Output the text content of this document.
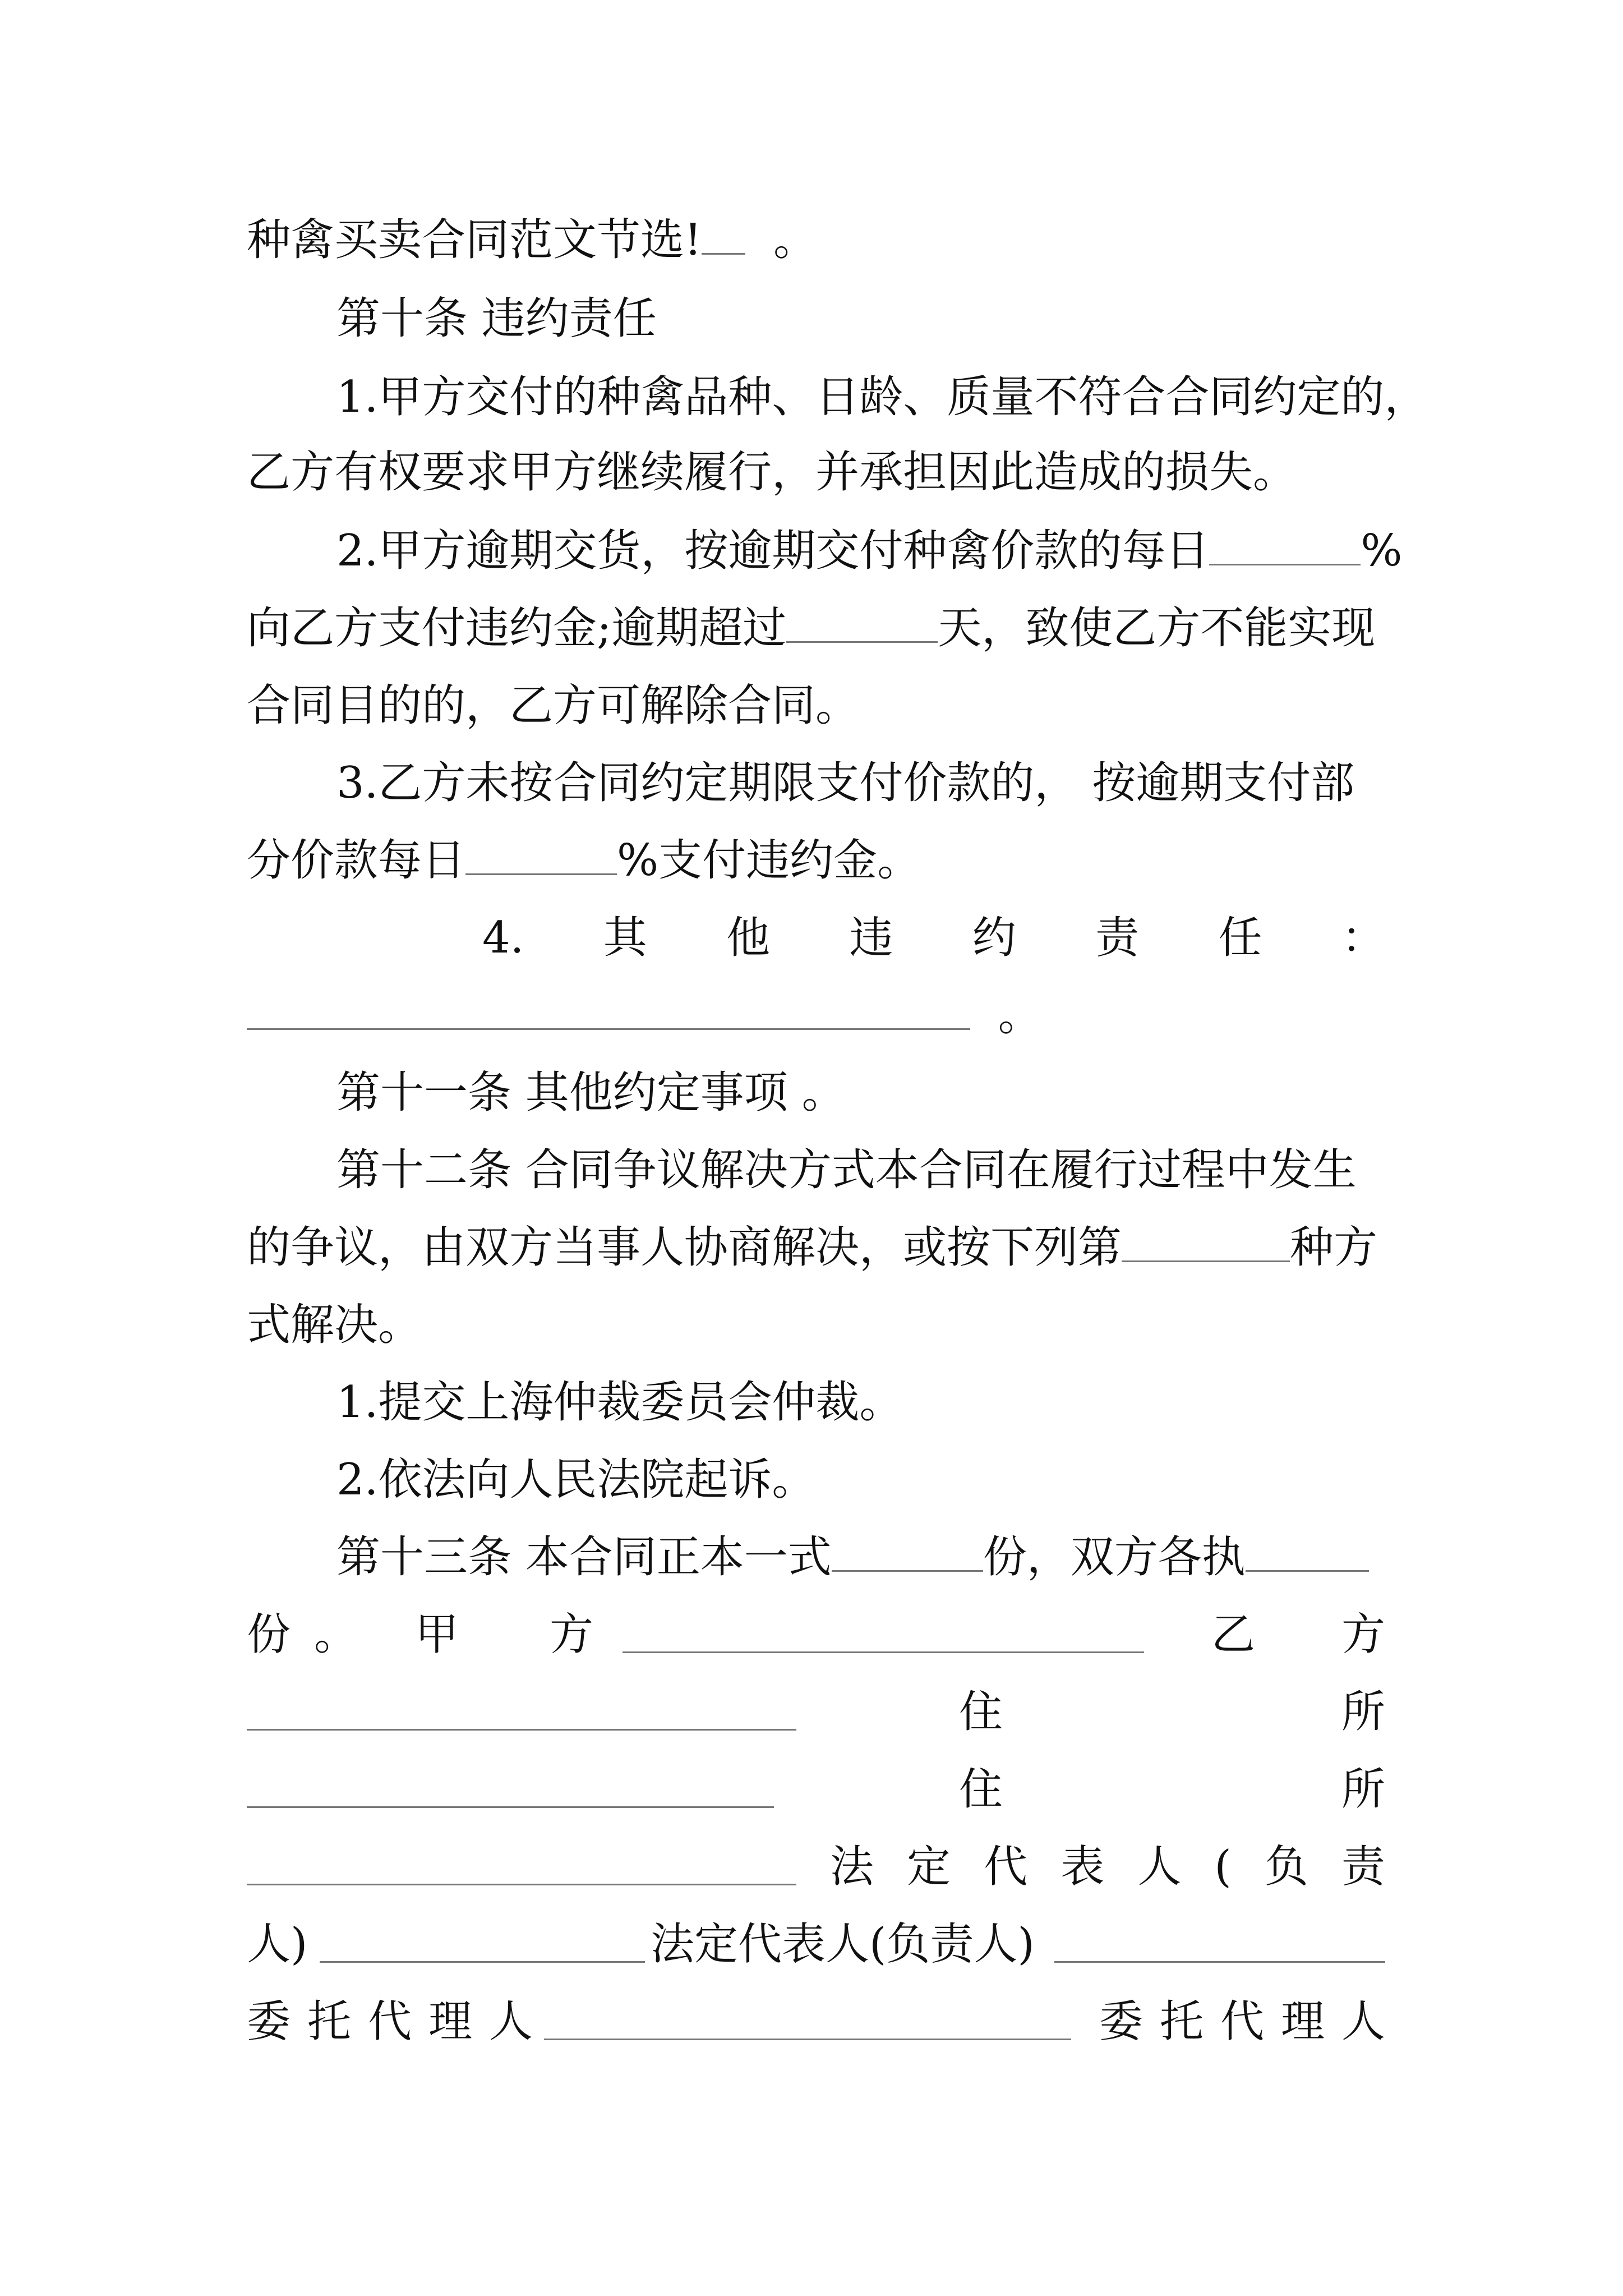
种禽买卖合同范文节选! 。
第十条 违约责任
1.甲方交付的种禽品种、日龄、质量不符合合同约定的，
乙方有权要求甲方继续履行，并承担因此造成的损失。
2.甲方逾期交货，按逾期交付种禽价款的每日	%
向乙方支付违约金;逾期超过	天，致使乙方不能实现
合同目的的，乙方可解除合同。
3.乙方未按合同约定期限支付价款的， 按逾期支付部
分价款每日	%支付违约金。
4. 其 他 违 约 责 任 ：
。
第十一条 其他约定事项 。
第十二条 合同争议解决方式本合同在履行过程中发生
的争议，由双方当事人协商解决，或按下列第	种方
式解决。
1.提交上海仲裁委员会仲裁。
2.依法向人民法院起诉。
第十三条 本合同正本一式	份，双方各执
份 。 甲 方	乙 方
住	所
住	所
法 定 代 表 人 ( 负 责
人)	法定代表人(负责人)
委 托 代 理 人	委 托 代 理 人
